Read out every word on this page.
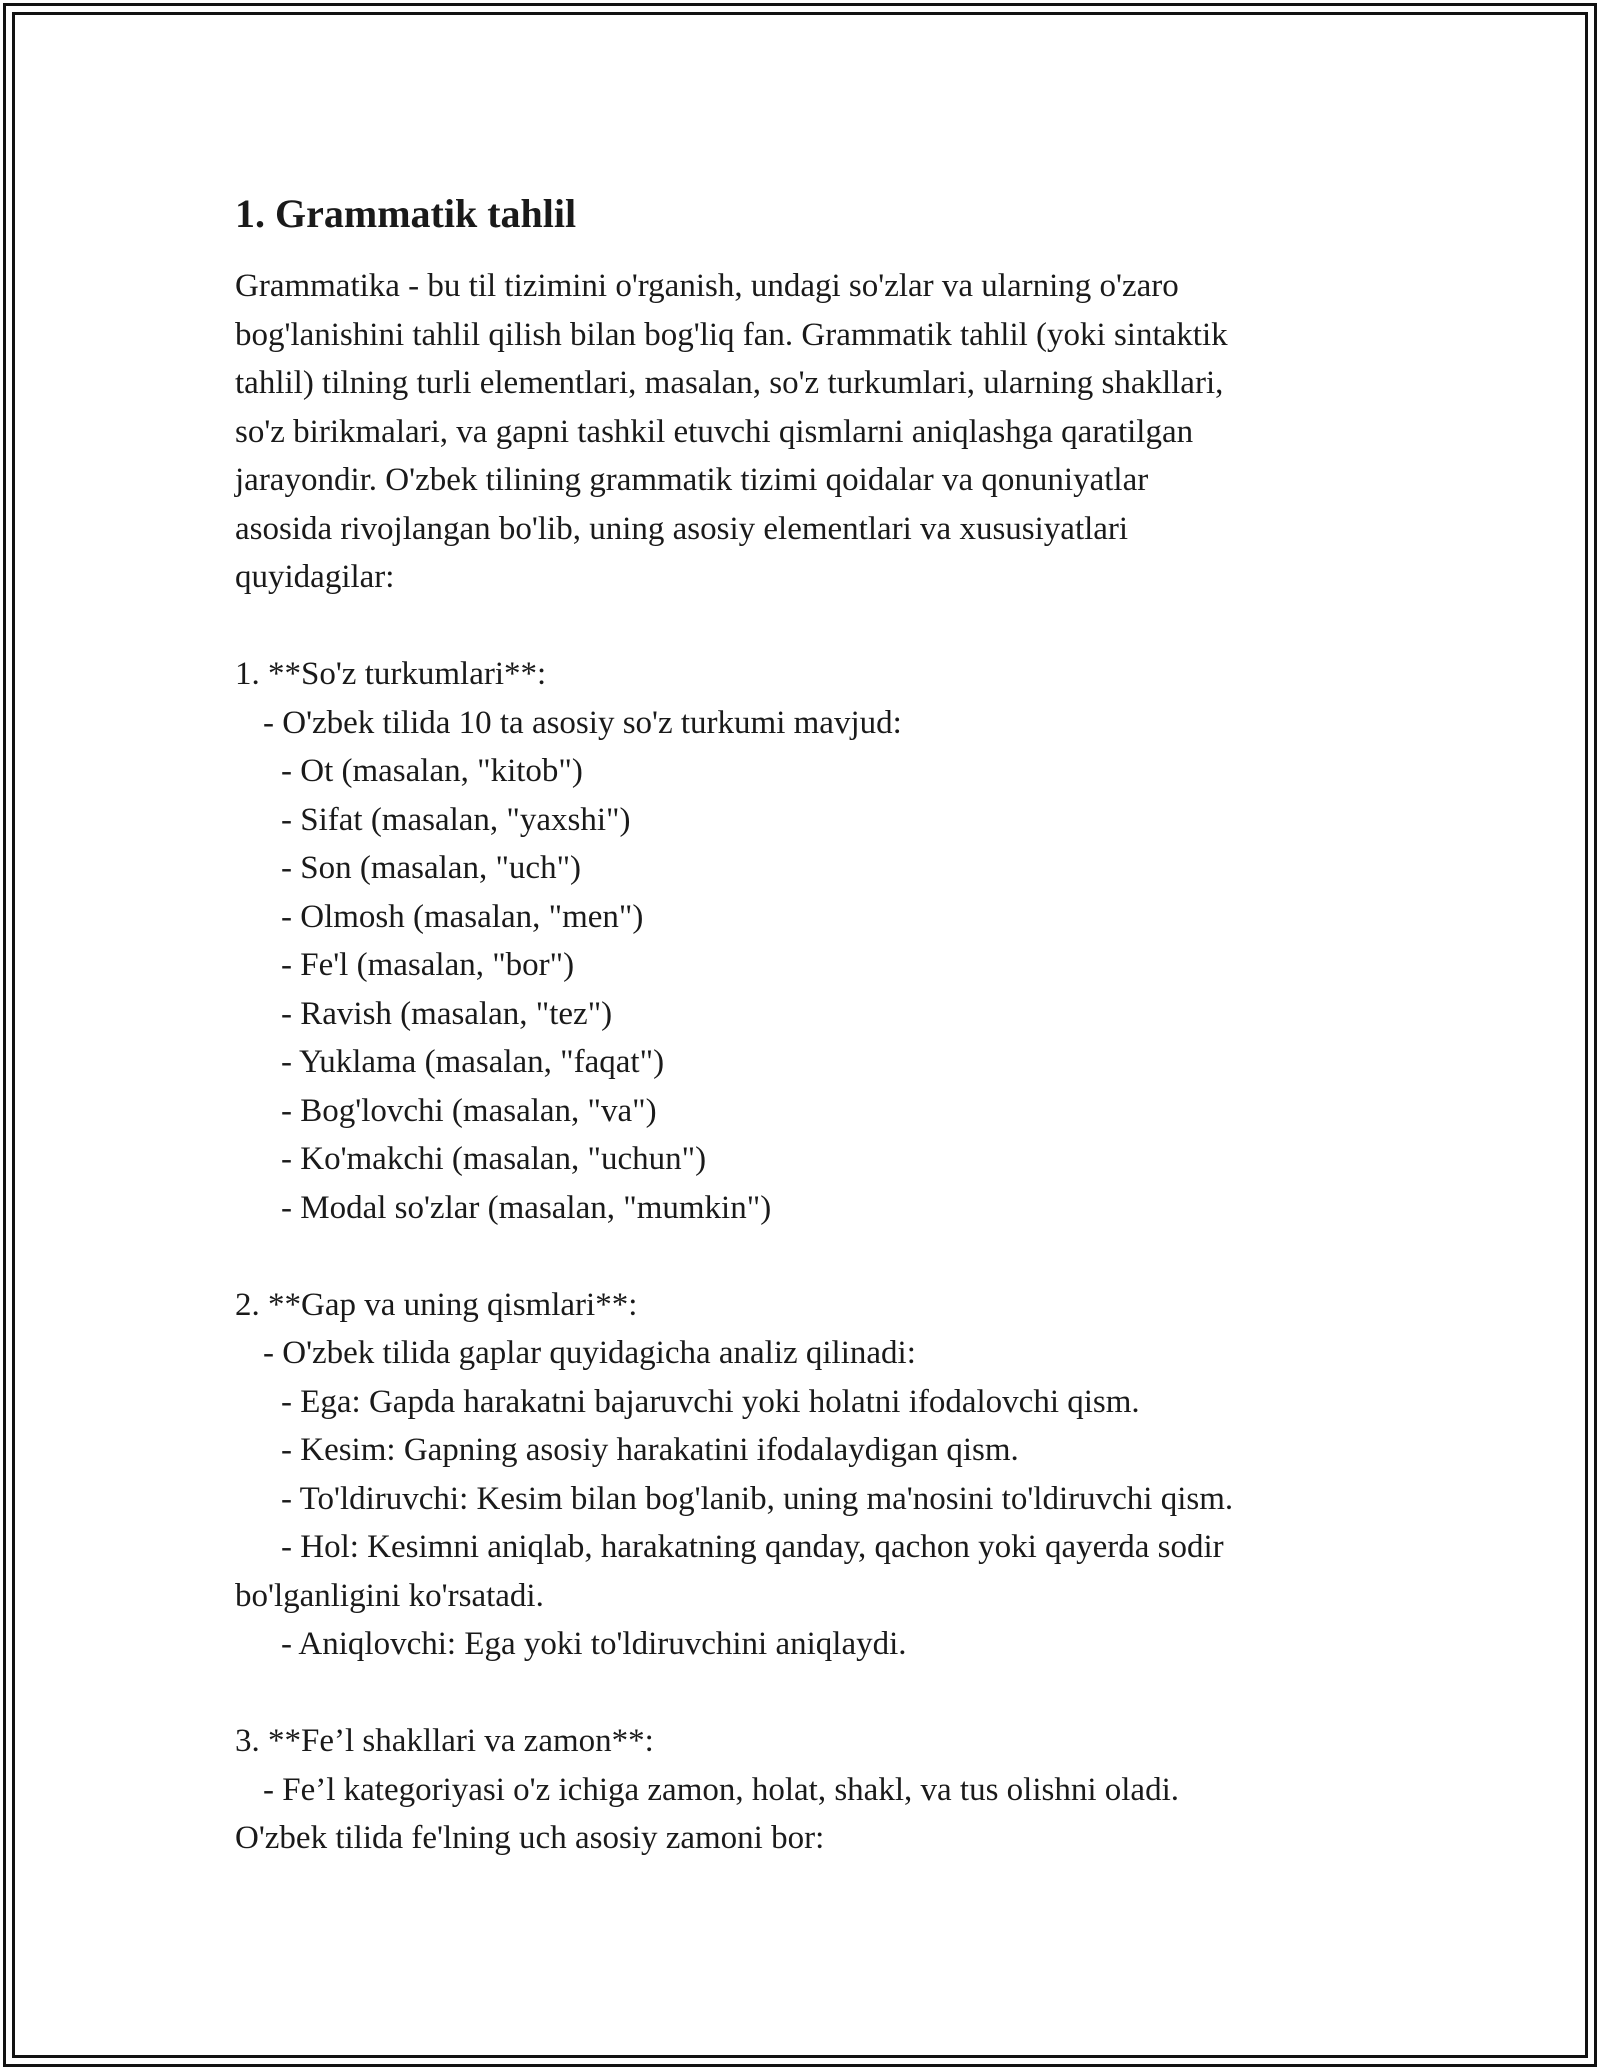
1. Grammatik tahlil

Grammatika - bu til tizimini o'rganish, undagi so'zlar va ularning o'zaro

bog'lanishini tahlil qilish bilan bog'liq fan. Grammatik tahlil (yoki sintaktik

tahlil) tilning turli elementlari, masalan, so'z turkumlari, ularning shakllari,

so'z birikmalari, va gapni tashkil etuvchi qismlarni aniqlashga qaratilgan

jarayondir. O'zbek tilining grammatik tizimi qoidalar va qonuniyatlar

asosida rivojlangan bo'lib, uning asosiy elementlari va xususiyatlari

quyidagilar:

1. **So'z turkumlari**:

- O'zbek tilida 10 ta asosiy so'z turkumi mavjud:

- Ot (masalan, "kitob")

- Sifat (masalan, "yaxshi")

- Son (masalan, "uch")

- Olmosh (masalan, "men")

- Fe'l (masalan, "bor")

- Ravish (masalan, "tez")

- Yuklama (masalan, "faqat")

- Bog'lovchi (masalan, "va")

- Ko'makchi (masalan, "uchun")

- Modal so'zlar (masalan, "mumkin")

2. **Gap va uning qismlari**:

- O'zbek tilida gaplar quyidagicha analiz qilinadi:

- Ega: Gapda harakatni bajaruvchi yoki holatni ifodalovchi qism.

- Kesim: Gapning asosiy harakatini ifodalaydigan qism.

- To'ldiruvchi: Kesim bilan bog'lanib, uning ma'nosini to'ldiruvchi qism.

- Hol: Kesimni aniqlab, harakatning qanday, qachon yoki qayerda sodir

bo'lganligini ko'rsatadi.

- Aniqlovchi: Ega yoki to'ldiruvchini aniqlaydi.

3. **Fe’l shakllari va zamon**:

- Fe’l kategoriyasi o'z ichiga zamon, holat, shakl, va tus olishni oladi.

O'zbek tilida fe'lning uch asosiy zamoni bor:
